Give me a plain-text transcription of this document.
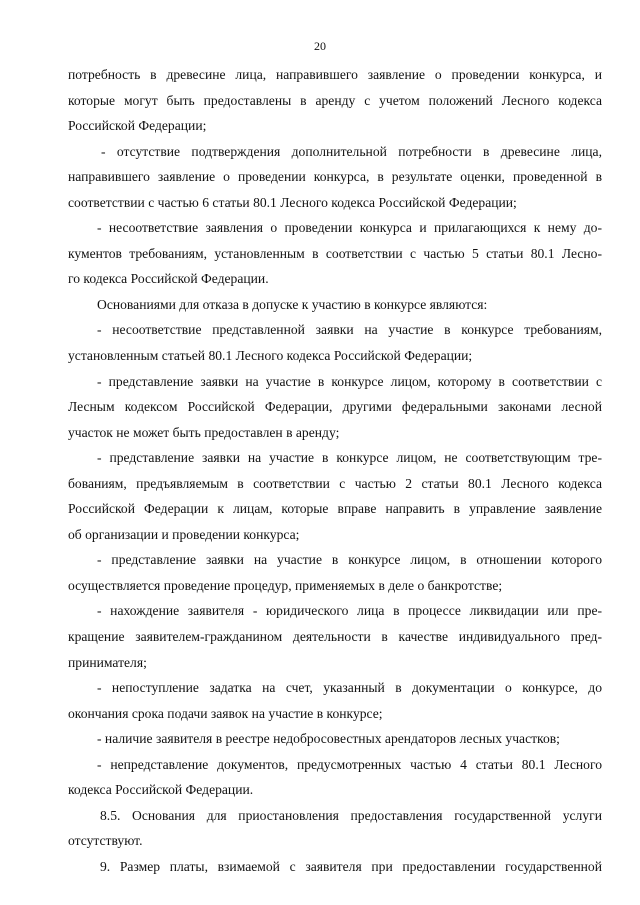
20

потребность в древесине лица, направившего заявление о проведении конкурса, и

которые могут быть предоставлены в аренду с учетом положений Лесного кодекса

Российской Федерации;

- отсутствие подтверждения дополнительной потребности в древесине лица,

направившего заявление о проведении конкурса, в результате оценки, проведенной в

соответствии с частью 6 статьи 80.1 Лесного кодекса Российской Федерации;

- несоответствие заявления о проведении конкурса и прилагающихся к нему до-

кументов требованиям, установленным в соответствии с частью 5 статьи 80.1 Лесно-

го кодекса Российской Федерации.

Основаниями для отказа в допуске к участию в конкурсе являются:

- несоответствие представленной заявки на участие в конкурсе требованиям,

установленным статьей 80.1 Лесного кодекса Российской Федерации;

- представление заявки на участие в конкурсе лицом, которому в соответствии с

Лесным кодексом Российской Федерации, другими федеральными законами лесной

участок не может быть предоставлен в аренду;

- представление заявки на участие в конкурсе лицом, не соответствующим тре-

бованиям, предъявляемым в соответствии с частью 2 статьи 80.1 Лесного кодекса

Российской Федерации к лицам, которые вправе направить в управление заявление

об организации и проведении конкурса;

- представление заявки на участие в конкурсе лицом, в отношении которого

осуществляется проведение процедур, применяемых в деле о банкротстве;

- нахождение заявителя - юридического лица в процессе ликвидации или пре-

кращение заявителем-гражданином деятельности в качестве индивидуального пред-

принимателя;

- непоступление задатка на счет, указанный в документации о конкурсе, до

окончания срока подачи заявок на участие в конкурсе;

- наличие заявителя в реестре недобросовестных арендаторов лесных участков;

- непредставление документов, предусмотренных частью 4 статьи 80.1 Лесного

кодекса Российской Федерации.

8.5. Основания для приостановления предоставления государственной услуги

отсутствуют.

9. Размер платы, взимаемой с заявителя при предоставлении государственной
